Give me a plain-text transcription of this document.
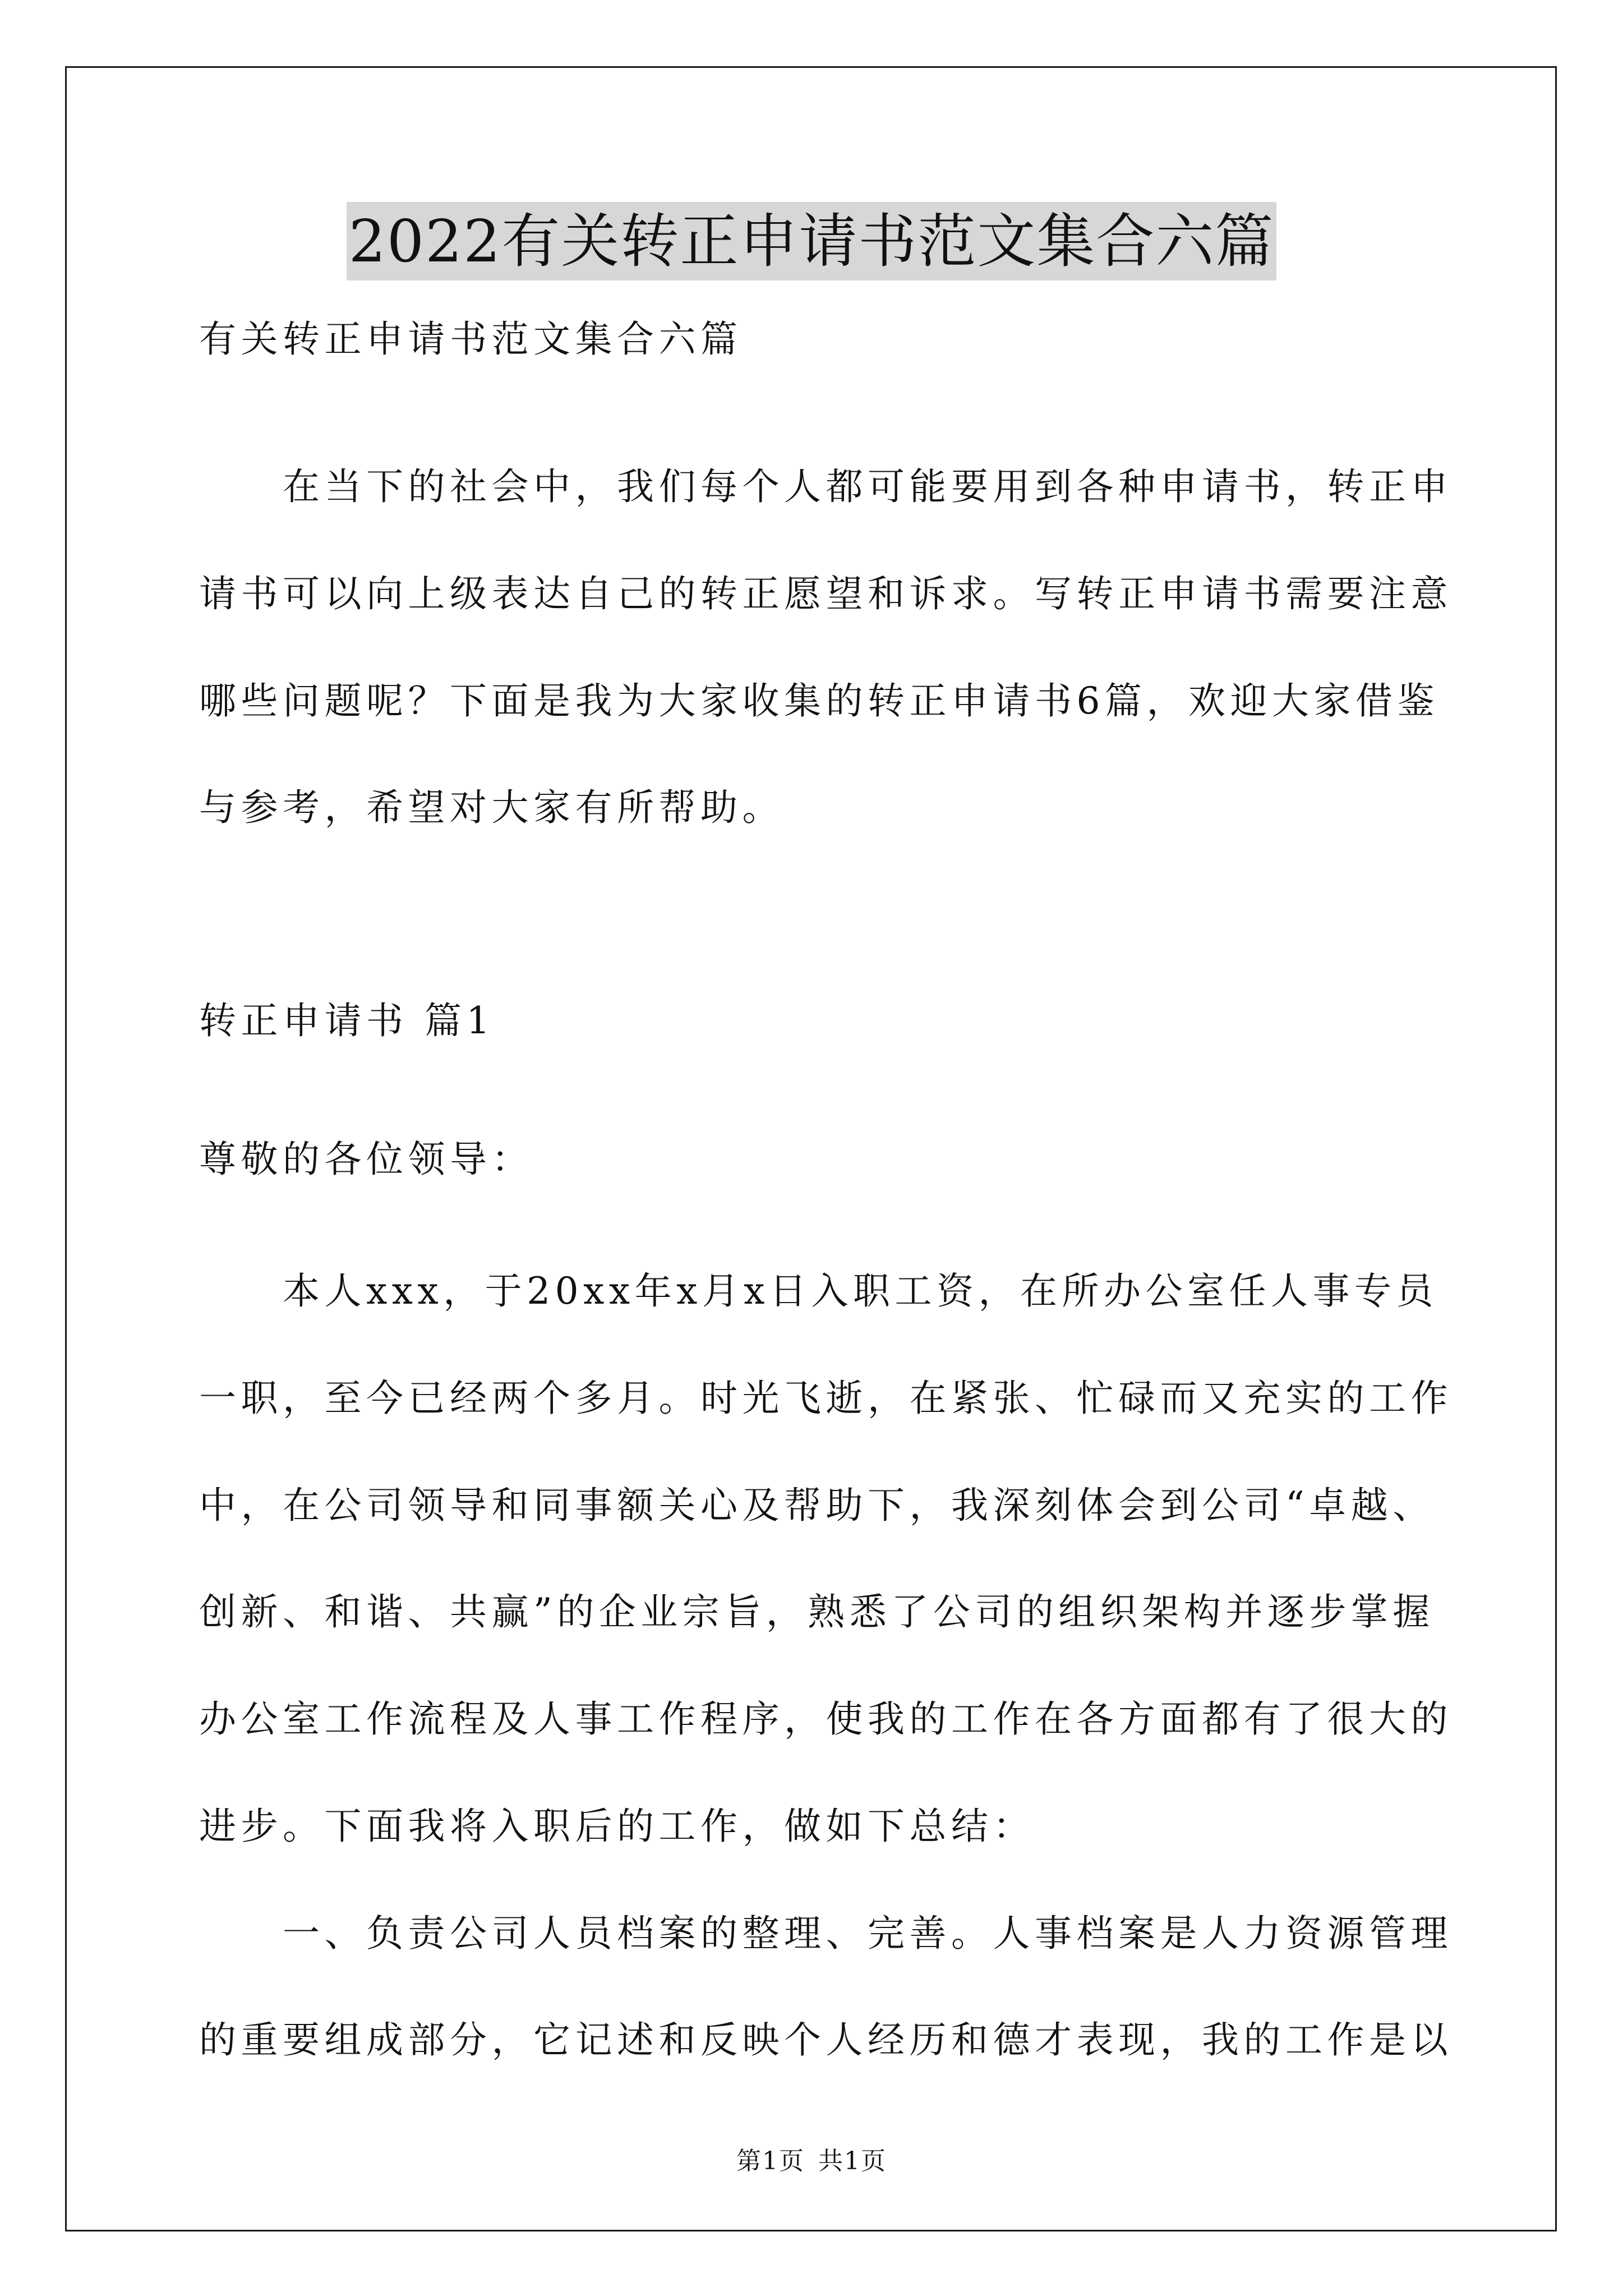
2022有关转正申请书范文集合六篇
有关转正申请书范文集合六篇
　　在当下的社会中，我们每个人都可能要用到各种申请书，转正申
请书可以向上级表达自己的转正愿望和诉求。写转正申请书需要注意
哪些问题呢？下面是我为大家收集的转正申请书6篇，欢迎大家借鉴
与参考，希望对大家有所帮助。
转正申请书 篇1
尊敬的各位领导：
　　本人xxx，于20xx年x月x日入职工资，在所办公室任人事专员
一职，至今已经两个多月。时光飞逝，在紧张、忙碌而又充实的工作
中，在公司领导和同事额关心及帮助下，我深刻体会到公司“卓越、
创新、和谐、共赢”的企业宗旨，熟悉了公司的组织架构并逐步掌握
办公室工作流程及人事工作程序，使我的工作在各方面都有了很大的
进步。下面我将入职后的工作，做如下总结：
　　一、负责公司人员档案的整理、完善。人事档案是人力资源管理
的重要组成部分，它记述和反映个人经历和德才表现，我的工作是以
第1页 共1页
